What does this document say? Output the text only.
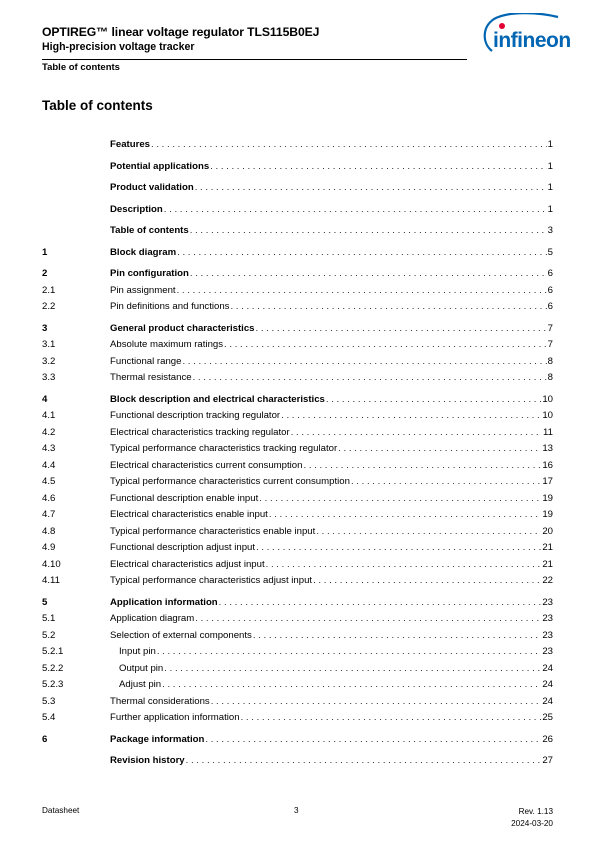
OPTIREG™ linear voltage regulator TLS115B0EJ
High-precision voltage tracker
Table of contents
infineon
Table of contents
Features . . .	1
Potential applications . . .	1
Product validation . . .	1
Description . . .	1
Table of contents . . .	3
1	Block diagram . . .	5
2	Pin configuration . . .	6
2.1	Pin assignment . . .	6
2.2	Pin definitions and functions . . .	6
3	General product characteristics . . .	7
3.1	Absolute maximum ratings . . .	7
3.2	Functional range . . .	8
3.3	Thermal resistance . . .	8
4	Block description and electrical characteristics . . .	10
4.1	Functional description tracking regulator . . .	10
4.2	Electrical characteristics tracking regulator . . .	11
4.3	Typical performance characteristics tracking regulator . . .	13
4.4	Electrical characteristics current consumption . . .	16
4.5	Typical performance characteristics current consumption . . .	17
4.6	Functional description enable input . . .	19
4.7	Electrical characteristics enable input . . .	19
4.8	Typical performance characteristics enable input . . .	20
4.9	Functional description adjust input . . .	21
4.10	Electrical characteristics adjust input . . .	21
4.11	Typical performance characteristics adjust input . . .	22
5	Application information . . .	23
5.1	Application diagram . . .	23
5.2	Selection of external components . . .	23
5.2.1	Input pin . . .	23
5.2.2	Output pin . . .	24
5.2.3	Adjust pin . . .	24
5.3	Thermal considerations . . .	24
5.4	Further application information . . .	25
6	Package information . . .	26
Revision history . . .	27
Datasheet	3	Rev. 1.13
2024-03-20
